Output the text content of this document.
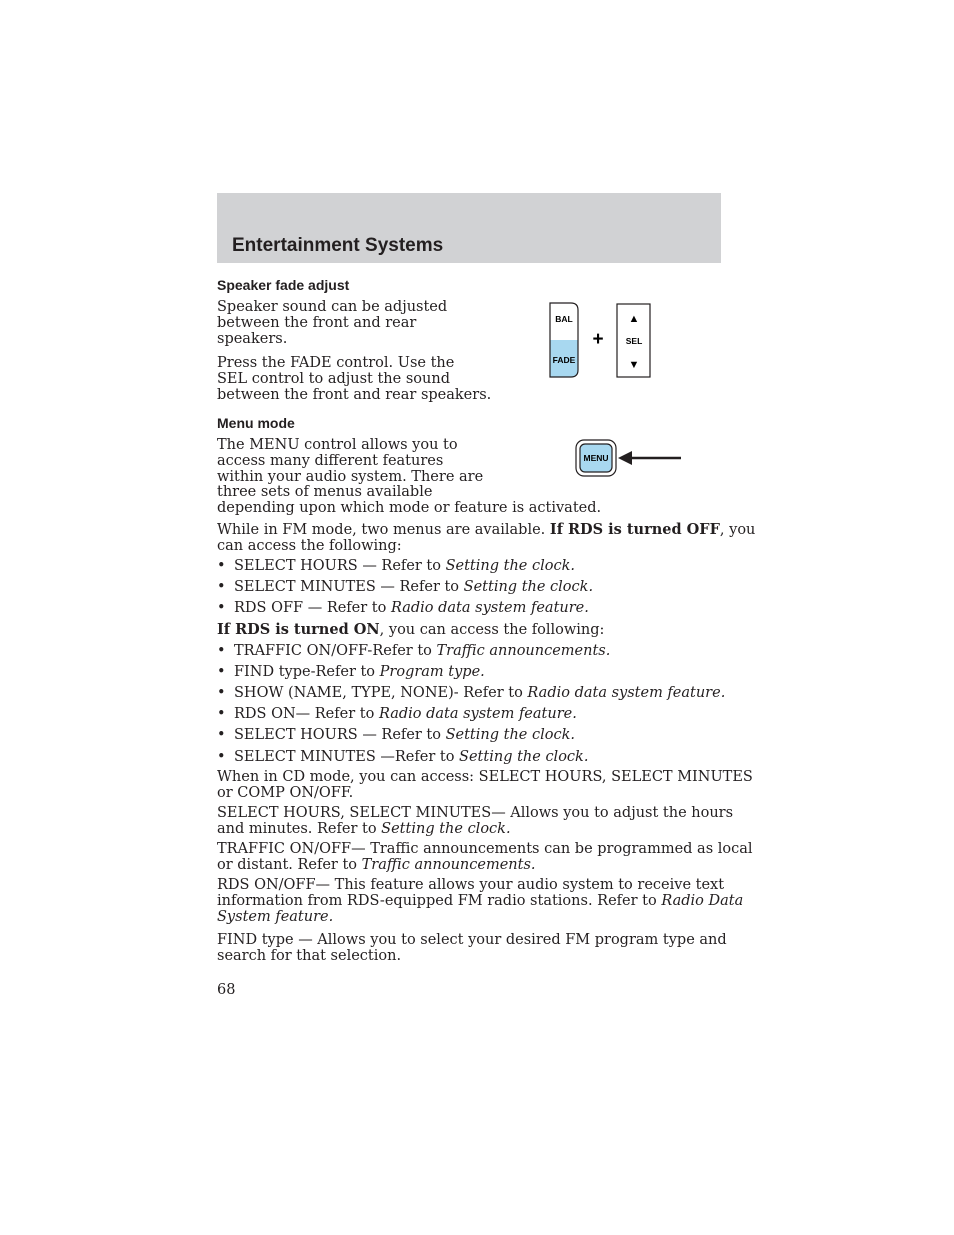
Entertainment Systems
Speaker fade adjust
Speaker sound can be adjusted
between the front and rear
speakers.
Press the FADE control. Use the
SEL control to adjust the sound
between the front and rear speakers.
BAL
FADE
+
▲
SEL
▼
Menu mode
The MENU control allows you to
access many different features
within your audio system. There are
three sets of menus available
depending upon which mode or feature is activated.
MENU
While in FM mode, two menus are available. If RDS is turned OFF, you
can access the following:
• SELECT HOURS — Refer to Setting the clock.
• SELECT MINUTES — Refer to Setting the clock.
• RDS OFF — Refer to Radio data system feature.
If RDS is turned ON, you can access the following:
• TRAFFIC ON/OFF-Refer to Traffic announcements.
• FIND type-Refer to Program type.
• SHOW (NAME, TYPE, NONE)- Refer to Radio data system feature.
• RDS ON— Refer to Radio data system feature.
• SELECT HOURS — Refer to Setting the clock.
• SELECT MINUTES —Refer to Setting the clock.
When in CD mode, you can access: SELECT HOURS, SELECT MINUTES
or COMP ON/OFF.
SELECT HOURS, SELECT MINUTES— Allows you to adjust the hours
and minutes. Refer to Setting the clock.
TRAFFIC ON/OFF— Traffic announcements can be programmed as local
or distant. Refer to Traffic announcements.
RDS ON/OFF— This feature allows your audio system to receive text
information from RDS-equipped FM radio stations. Refer to Radio Data
System feature.
FIND type — Allows you to select your desired FM program type and
search for that selection.
68
